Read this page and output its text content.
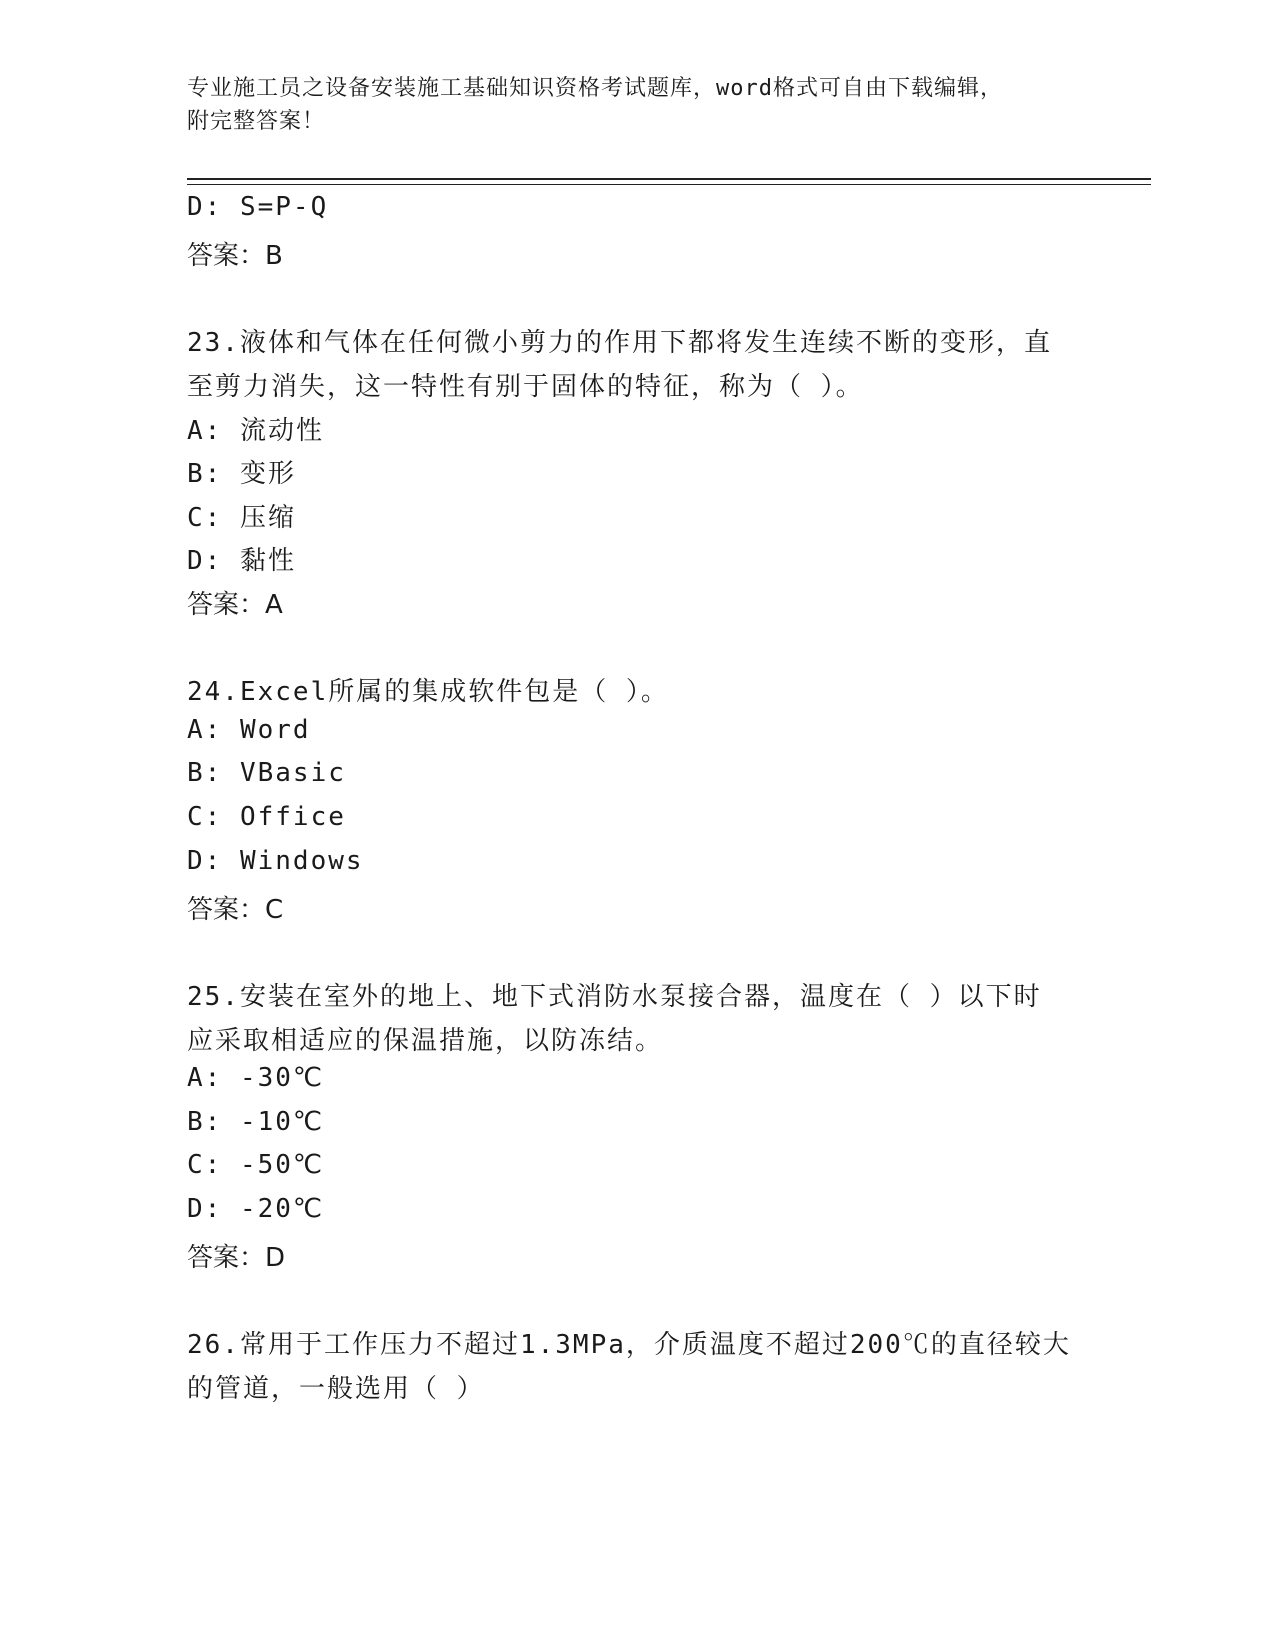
专业施工员之设备安装施工基础知识资格考试题库，word格式可自由下载编辑，
附完整答案！
D: S=P-Q
答案：B
23.液体和气体在任何微小剪力的作用下都将发生连续不断的变形，直
至剪力消失，这一特性有别于固体的特征，称为（ ）。
A: 流动性
B: 变形
C: 压缩
D: 黏性
答案：A
24.Excel所属的集成软件包是（ ）。
A: Word
B: VBasic
C: Office
D: Windows
答案：C
25.安装在室外的地上、地下式消防水泵接合器，温度在（ ）以下时
应采取相适应的保温措施，以防冻结。
A: -30℃
B: -10℃
C: -50℃
D: -20℃
答案：D
26.常用于工作压力不超过1.3MPa，介质温度不超过200℃的直径较大
的管道，一般选用（ ）
